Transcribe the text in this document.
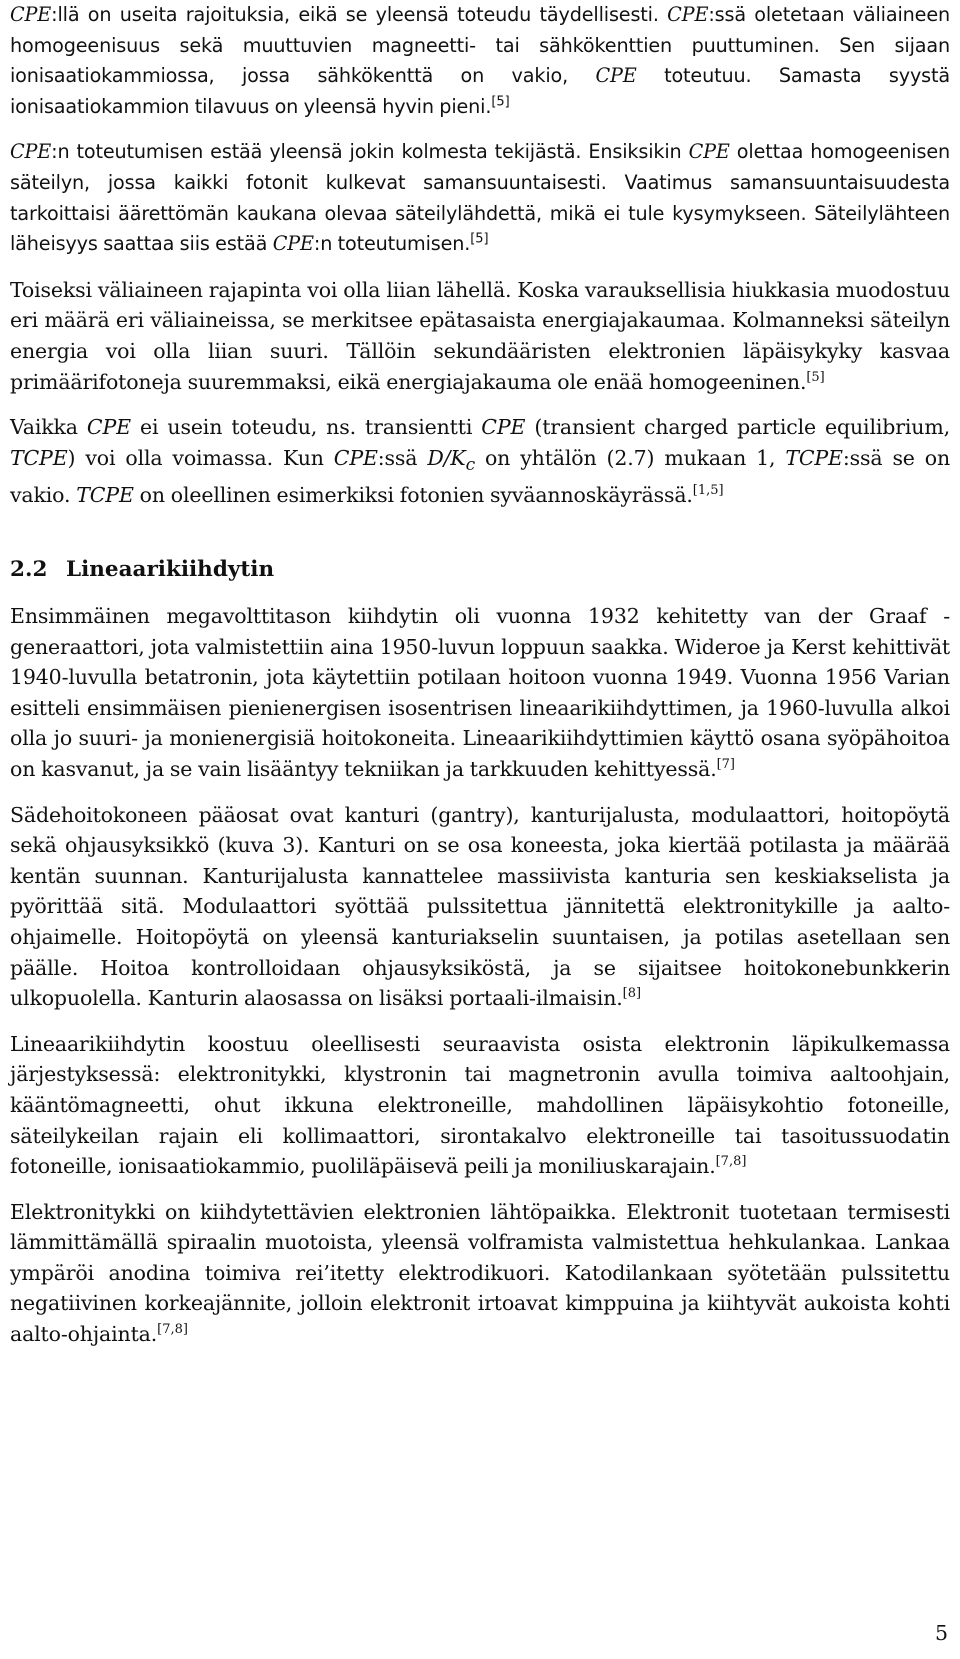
CPE:llä on useita rajoituksia, eikä se yleensä toteudu täydellisesti. CPE:ssä oletetaan väliaineen homogeenisuus sekä muuttuvien magneetti- tai sähkökenttien puuttuminen. Sen sijaan ionisaatiokammiossa, jossa sähkökenttä on vakio, CPE toteutuu. Samasta syystä ionisaatiokammion tilavuus on yleensä hyvin pieni.[5]

CPE:n toteutumisen estää yleensä jokin kolmesta tekijästä. Ensiksikin CPE olettaa homogeenisen säteilyn, jossa kaikki fotonit kulkevat samansuuntaisesti. Vaatimus samansuuntaisuudesta tarkoittaisi äärettömän kaukana olevaa säteilylähdettä, mikä ei tule kysymykseen. Säteilylähteen läheisyys saattaa siis estää CPE:n toteutumisen.[5]

Toiseksi väliaineen rajapinta voi olla liian lähellä. Koska varauksellisia hiukkasia muodostuu eri määrä eri väliaineissa, se merkitsee epätasaista energiajakaumaa. Kolmanneksi säteilyn energia voi olla liian suuri. Tällöin sekundääristen elektronien läpäisykyky kasvaa primäärifotoneja suuremmaksi, eikä energiajakauma ole enää homogeeninen.[5]

Vaikka CPE ei usein toteudu, ns. transientti CPE (transient charged particle equilibrium, TCPE) voi olla voimassa. Kun CPE:ssä $D/K_c$ on yhtälön (2.7) mukaan 1, TCPE:ssä se on vakio. TCPE on oleellinen esimerkiksi fotonien syväannoskäyrässä.[1,5]

2.2 Lineaarikiihdytin

Ensimmäinen megavolttitason kiihdytin oli vuonna 1932 kehitetty van der Graaf -generaattori, jota valmistettiin aina 1950-luvun loppuun saakka. Wideroe ja Kerst kehittivät 1940-luvulla betatronin, jota käytettiin potilaan hoitoon vuonna 1949. Vuonna 1956 Varian esitteli ensimmäisen pienienergisen isosentrisen lineaarikiihdyttimen, ja 1960-luvulla alkoi olla jo suuri- ja monienergisiä hoitokoneita. Lineaarikiihdyttimien käyttö osana syöpähoitoa on kasvanut, ja se vain lisääntyy tekniikan ja tarkkuuden kehittyessä.[7]

Sädehoitokoneen pääosat ovat kanturi (gantry), kanturijalusta, modulaattori, hoitopöytä sekä ohjausyksikkö (kuva 3). Kanturi on se osa koneesta, joka kiertää potilasta ja määrää kentän suunnan. Kanturijalusta kannattelee massiivista kanturia sen keskiakselista ja pyörittää sitä. Modulaattori syöttää pulssitettua jännitettä elektronitykille ja aalto-ohjaimelle. Hoitopöytä on yleensä kanturiakselin suuntaisen, ja potilas asetellaan sen päälle. Hoitoa kontrolloidaan ohjausyksiköstä, ja se sijaitsee hoitokonebunkkerin ulkopuolella. Kanturin alaosassa on lisäksi portaali-ilmaisin.[8]

Lineaarikiihdytin koostuu oleellisesti seuraavista osista elektronin läpikulkemassa järjestyksessä: elektronitykki, klystronin tai magnetronin avulla toimiva aaltoohjain, kääntömagneetti, ohut ikkuna elektroneille, mahdollinen läpäisykohtio fotoneille, säteilykeilan rajain eli kollimaattori, sirontakalvo elektroneille tai tasoitussuodatin fotoneille, ionisaatiokammio, puoliläpäisevä peili ja moniliuskarajain.[7,8]

Elektronitykki on kiihdytettävien elektronien lähtöpaikka. Elektronit tuotetaan termisesti lämmittämällä spiraalin muotoista, yleensä volframista valmistettua hehkulankaa. Lankaa ympäröi anodina toimiva rei’itetty elektrodikuori. Katodilankaan syötetään pulssitettu negatiivinen korkeajännite, jolloin elektronit irtoavat kimppuina ja kiihtyvät aukoista kohti aalto-ohjainta.[7,8]

5
